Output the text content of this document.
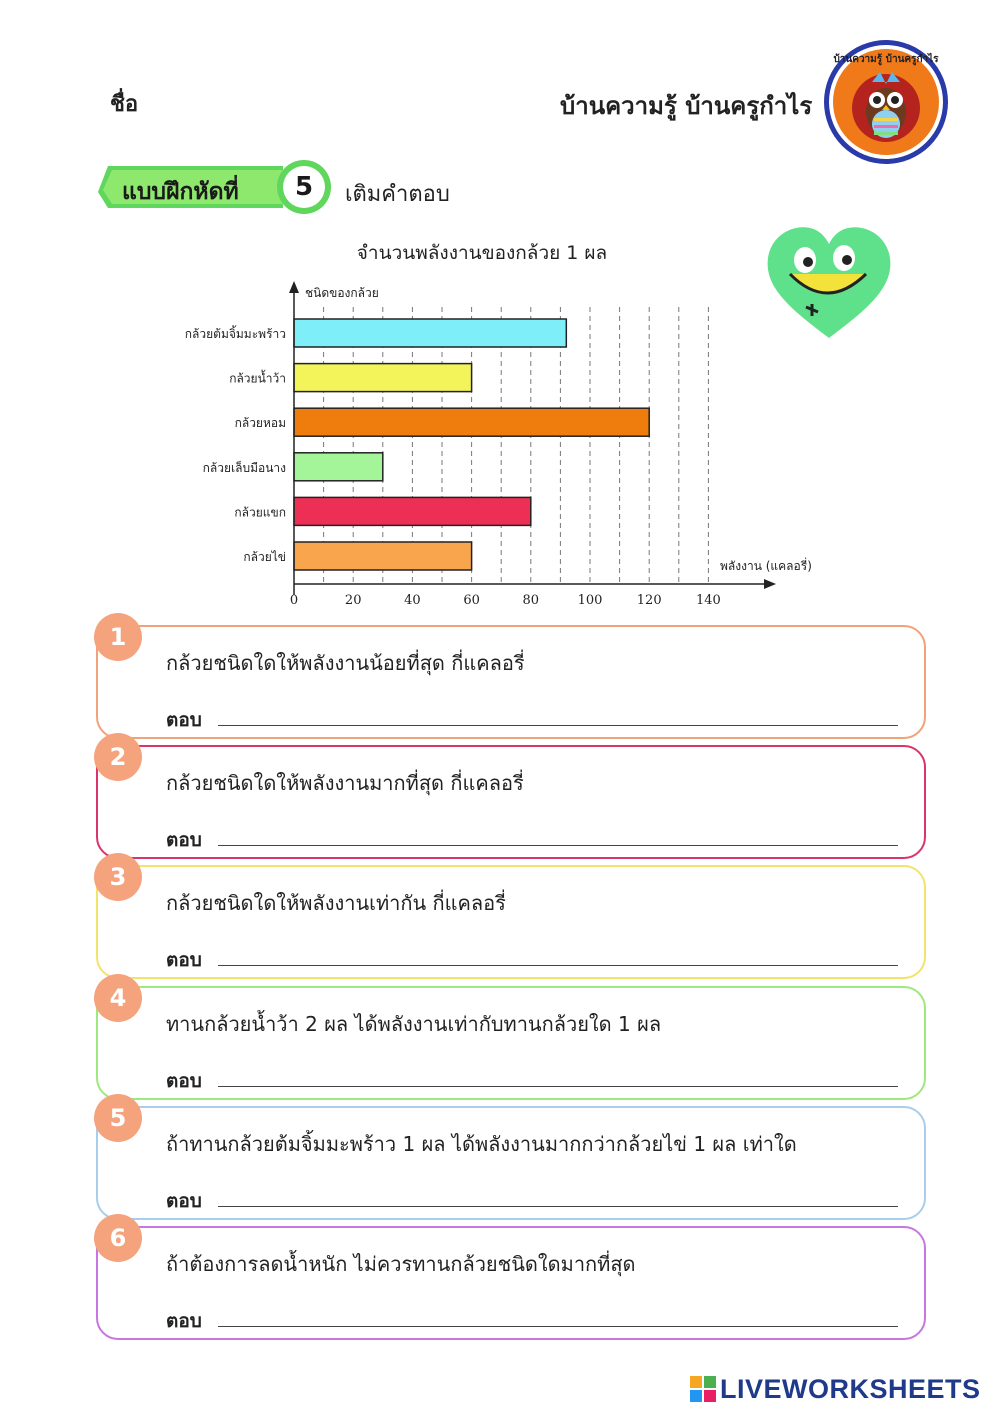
ชื่อ	บ้านความรู้ บ้านครูกำไร
บ้านความรู้ บ้านครูกำไร
แบบฝึกหัดที่	5	เติมคำตอบ
จำนวนพลังงานของกล้วย 1 ผล
กล้วยต้มจิ้มมะพร้าว
กล้วยน้ำว้า
กล้วยหอม
กล้วยเล็บมือนาง
กล้วยแขก
กล้วยไข่
0	20	40	60	80	100	120	140
ชนิดของกล้วย
พลังงาน (แคลอรี่)
1
กล้วยชนิดใดให้พลังงานน้อยที่สุด กี่แคลอรี่
ตอบ
2
กล้วยชนิดใดให้พลังงานมากที่สุด กี่แคลอรี่
ตอบ
3
กล้วยชนิดใดให้พลังงานเท่ากัน กี่แคลอรี่
ตอบ
4
ทานกล้วยน้ำว้า 2 ผล ได้พลังงานเท่ากับทานกล้วยใด 1 ผล
ตอบ
5
ถ้าทานกล้วยต้มจิ้มมะพร้าว 1 ผล ได้พลังงานมากกว่ากล้วยไข่ 1 ผล เท่าใด
ตอบ
6
ถ้าต้องการลดน้ำหนัก ไม่ควรทานกล้วยชนิดใดมากที่สุด
ตอบ
LIVEWORKSHEETS
